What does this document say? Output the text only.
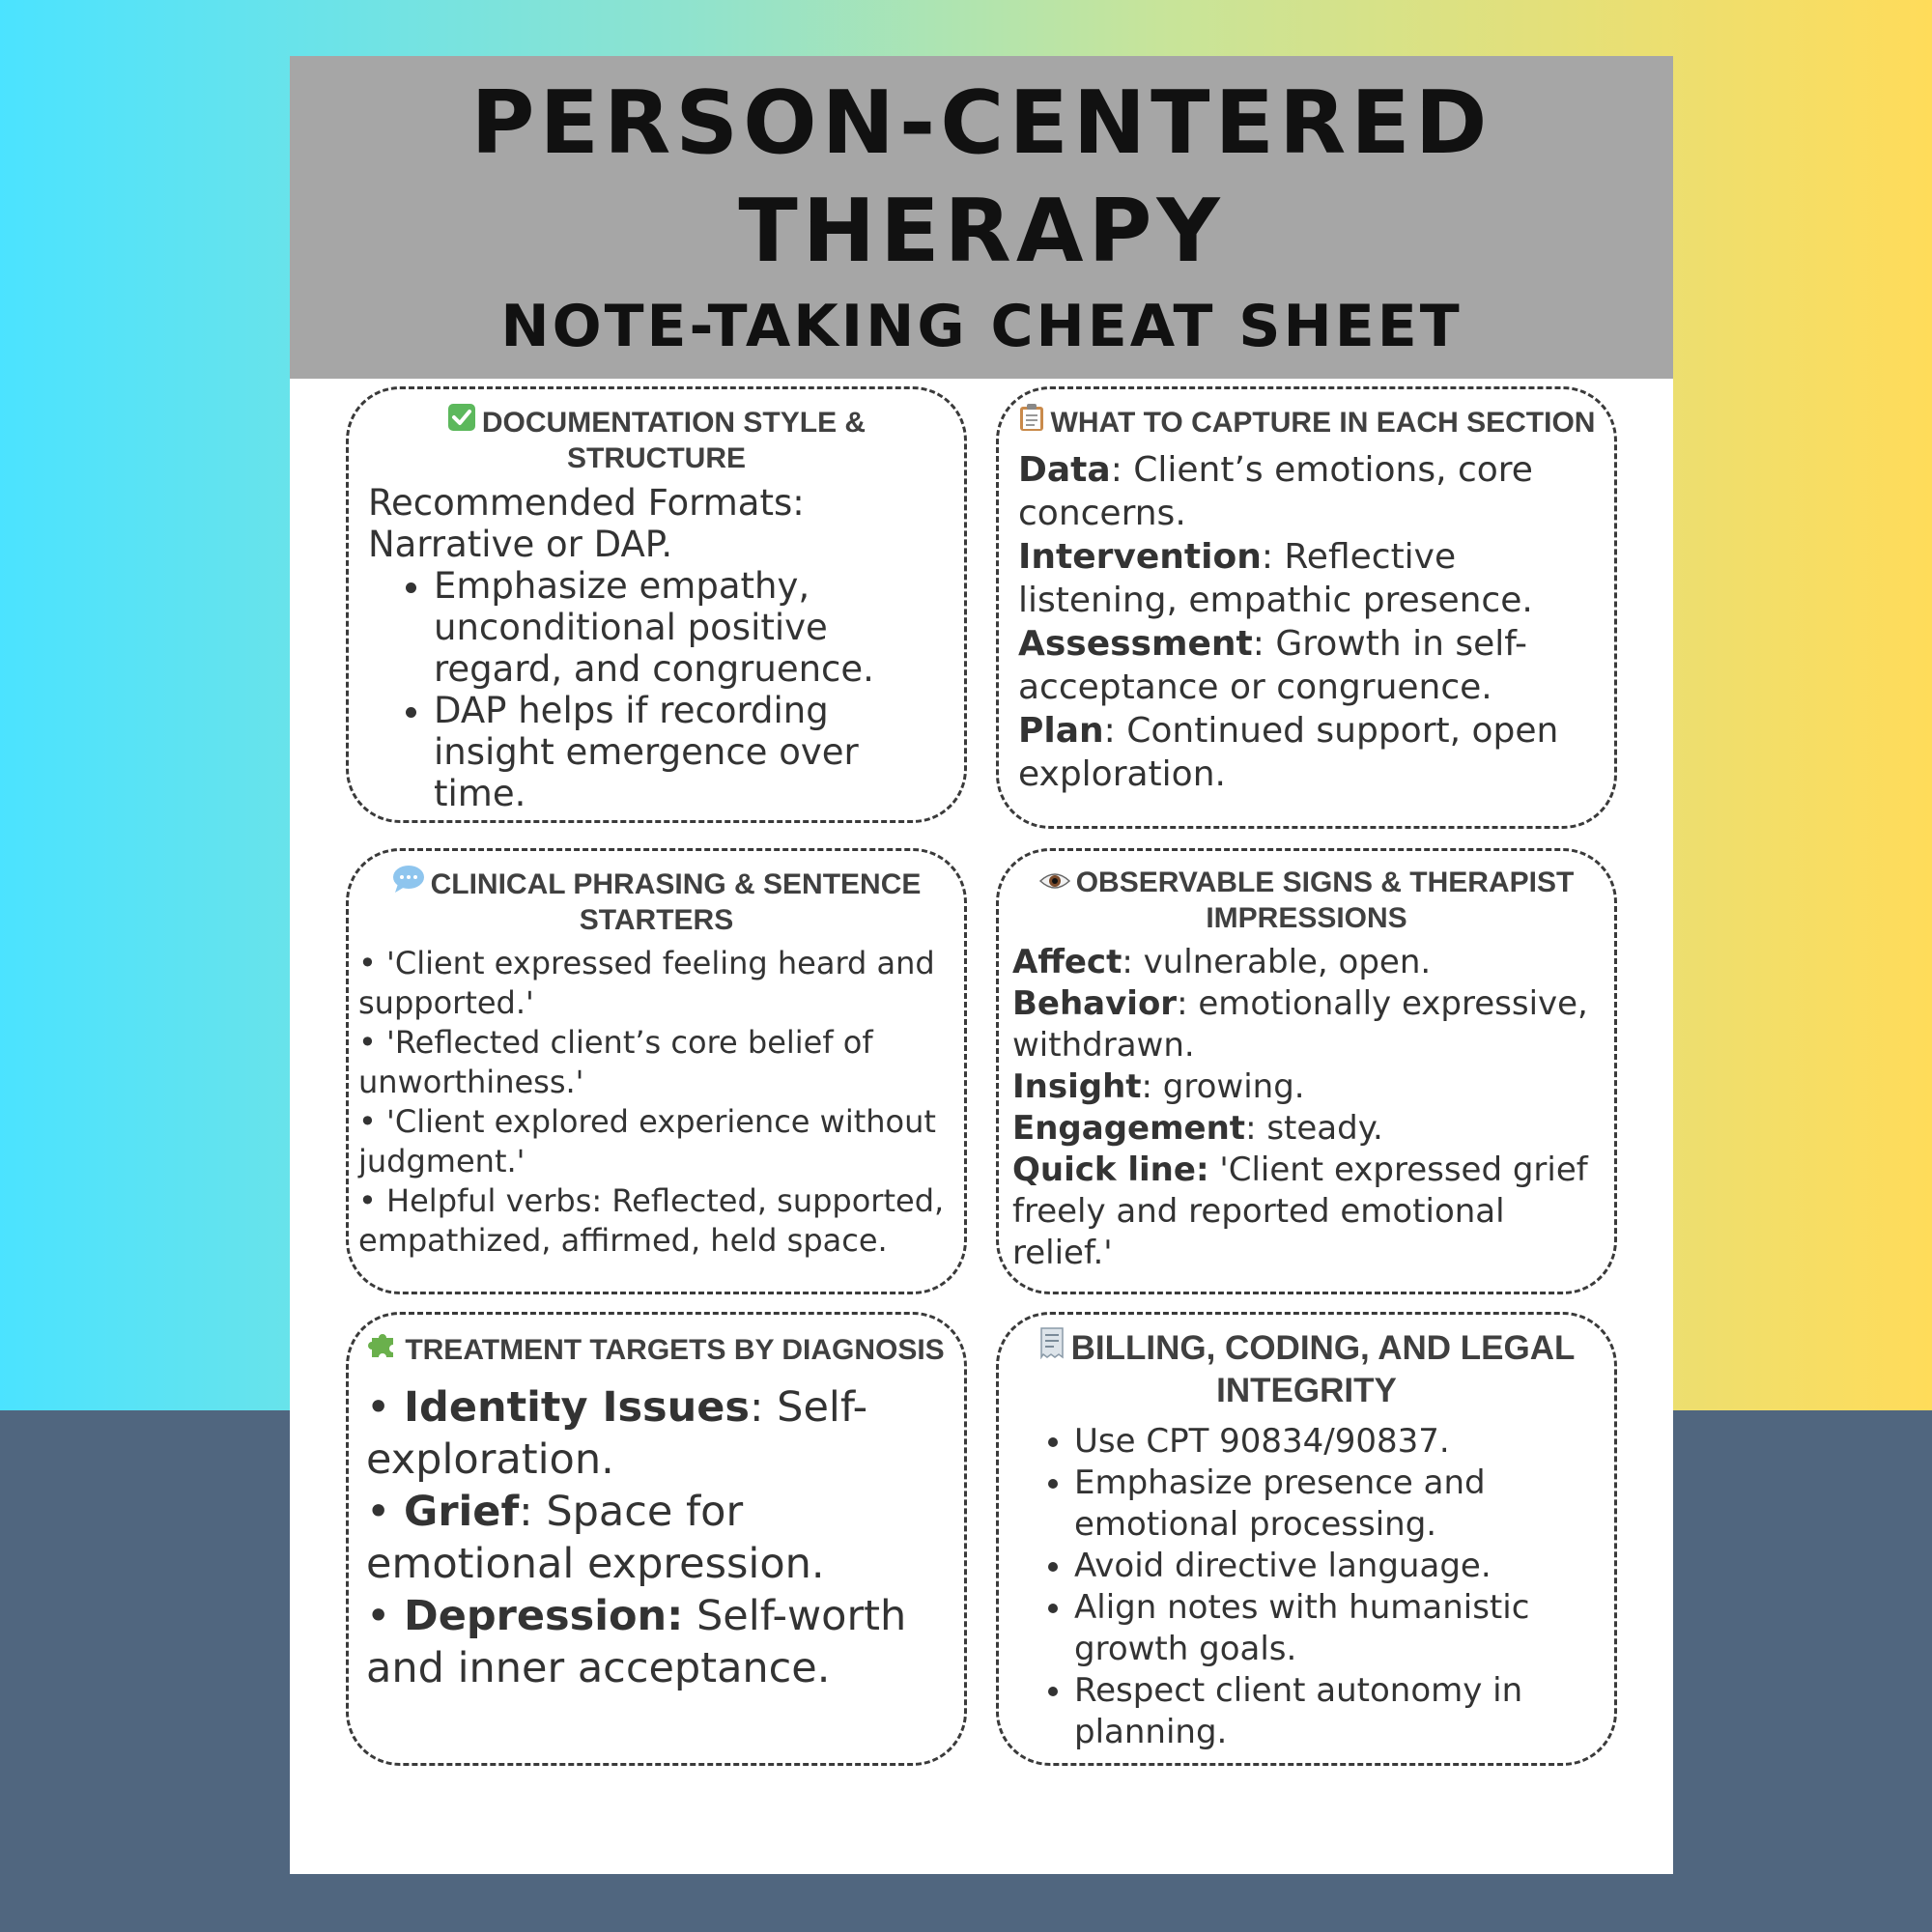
PERSON-CENTERED
THERAPY
NOTE-TAKING CHEAT SHEET
DOCUMENTATION STYLE & STRUCTURE
Recommended Formats:
Narrative or DAP.
• Emphasize empathy, unconditional positive regard, and congruence.
• DAP helps if recording insight emergence over time.
WHAT TO CAPTURE IN EACH SECTION

Data: Client’s emotions, core concerns.

Intervention: Reflective listening, empathic presence.

Assessment: Growth in self-acceptance or congruence.

Plan: Continued support, open exploration.

CLINICAL PHRASING & SENTENCE STARTERS

• 'Client expressed feeling heard and supported.'

• 'Reflected client’s core belief of unworthiness.'

• 'Client explored experience without judgment.'

• Helpful verbs: Reflected, supported, empathized, affirmed, held space.

OBSERVABLE SIGNS & THERAPIST IMPRESSIONS

Affect: vulnerable, open.

Behavior: emotionally expressive, withdrawn.

Insight: growing.

Engagement: steady.

Quick line: 'Client expressed grief freely and reported emotional relief.'

TREATMENT TARGETS BY DIAGNOSIS

• Identity Issues: Self-exploration.

• Grief: Space for emotional expression.

• Depression: Self-worth and inner acceptance.

BILLING, CODING, AND LEGAL INTEGRITY
• Use CPT 90834/90837.
• Emphasize presence and emotional processing.
• Avoid directive language.
• Align notes with humanistic growth goals.
• Respect client autonomy in planning.
